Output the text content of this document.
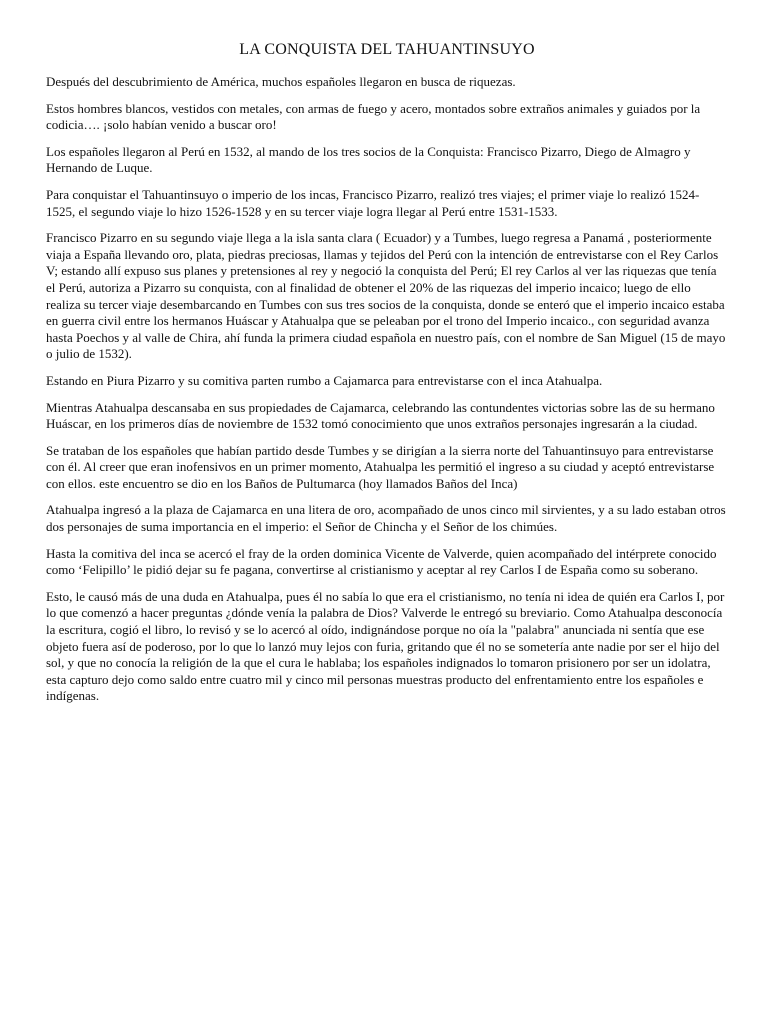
LA CONQUISTA DEL TAHUANTINSUYO

Después del descubrimiento de América, muchos españoles llegaron en busca de riquezas.

Estos hombres blancos, vestidos con metales, con armas de fuego y acero, montados sobre extraños animales y guiados por la codicia…. ¡solo habían venido a buscar oro!

Los españoles llegaron al Perú en 1532, al mando de los tres socios de la Conquista: Francisco Pizarro, Diego de Almagro y Hernando de Luque.

Para conquistar el Tahuantinsuyo o imperio de los incas, Francisco Pizarro, realizó tres viajes; el primer viaje lo realizó 1524-1525, el segundo viaje lo hizo 1526-1528 y en su tercer viaje logra llegar al Perú entre 1531-1533.

Francisco Pizarro en su segundo viaje llega a la isla santa clara ( Ecuador) y a Tumbes, luego regresa a Panamá , posteriormente viaja a España llevando oro, plata, piedras preciosas, llamas y tejidos del Perú con la intención de entrevistarse con el Rey Carlos V; estando allí expuso sus planes y pretensiones al rey y negoció la conquista del Perú; El rey Carlos al ver las riquezas que tenía el Perú, autoriza a Pizarro su conquista, con al finalidad de obtener el 20% de las riquezas del imperio incaico; luego de ello realiza su tercer viaje desembarcando en Tumbes con sus tres socios de la conquista, donde se enteró que el imperio incaico estaba en guerra civil entre los hermanos Huáscar y Atahualpa que se peleaban por el trono del Imperio incaico., con seguridad avanza hasta Poechos y al valle de Chira, ahí funda la primera ciudad española en nuestro país, con el nombre de San Miguel (15 de mayo o julio de 1532).

Estando en Piura Pizarro y su comitiva parten rumbo a Cajamarca para entrevistarse con el inca Atahualpa.

Mientras Atahualpa descansaba en sus propiedades de Cajamarca, celebrando las contundentes victorias sobre las de su hermano Huáscar, en los primeros días de noviembre de 1532 tomó conocimiento que unos extraños personajes ingresarán a la ciudad.

Se trataban de los españoles que habían partido desde Tumbes y se dirigían a la sierra norte del Tahuantinsuyo para entrevistarse con él. Al creer que eran inofensivos en un primer momento, Atahualpa les permitió el ingreso a su ciudad y aceptó entrevistarse con ellos. este encuentro se dio en los Baños de Pultumarca (hoy llamados Baños del Inca)

Atahualpa ingresó a la plaza de Cajamarca en una litera de oro, acompañado de unos cinco mil sirvientes, y a su lado estaban otros dos personajes de suma importancia en el imperio: el Señor de Chincha y el Señor de los chimúes.

Hasta la comitiva del inca se acercó el fray de la orden dominica Vicente de Valverde, quien acompañado del intérprete conocido como ‘Felipillo’ le pidió dejar su fe pagana, convertirse al cristianismo y aceptar al rey Carlos I de España como su soberano.

Esto, le causó más de una duda en Atahualpa, pues él no sabía lo que era el cristianismo, no tenía ni idea de quién era Carlos I, por lo que comenzó a hacer preguntas ¿dónde venía la palabra de Dios? Valverde le entregó su breviario. Como Atahualpa desconocía la escritura, cogió el libro, lo revisó y se lo acercó al oído, indignándose porque no oía la "palabra" anunciada ni sentía que ese objeto fuera así de poderoso, por lo que lo lanzó muy lejos con furia, gritando que él no se sometería ante nadie por ser el hijo del sol, y que no conocía la religión de la que el cura le hablaba; los españoles indignados lo tomaron prisionero por ser un idolatra, esta capturo dejo como saldo entre cuatro mil y cinco mil personas muestras producto del enfrentamiento entre los españoles e indígenas.
